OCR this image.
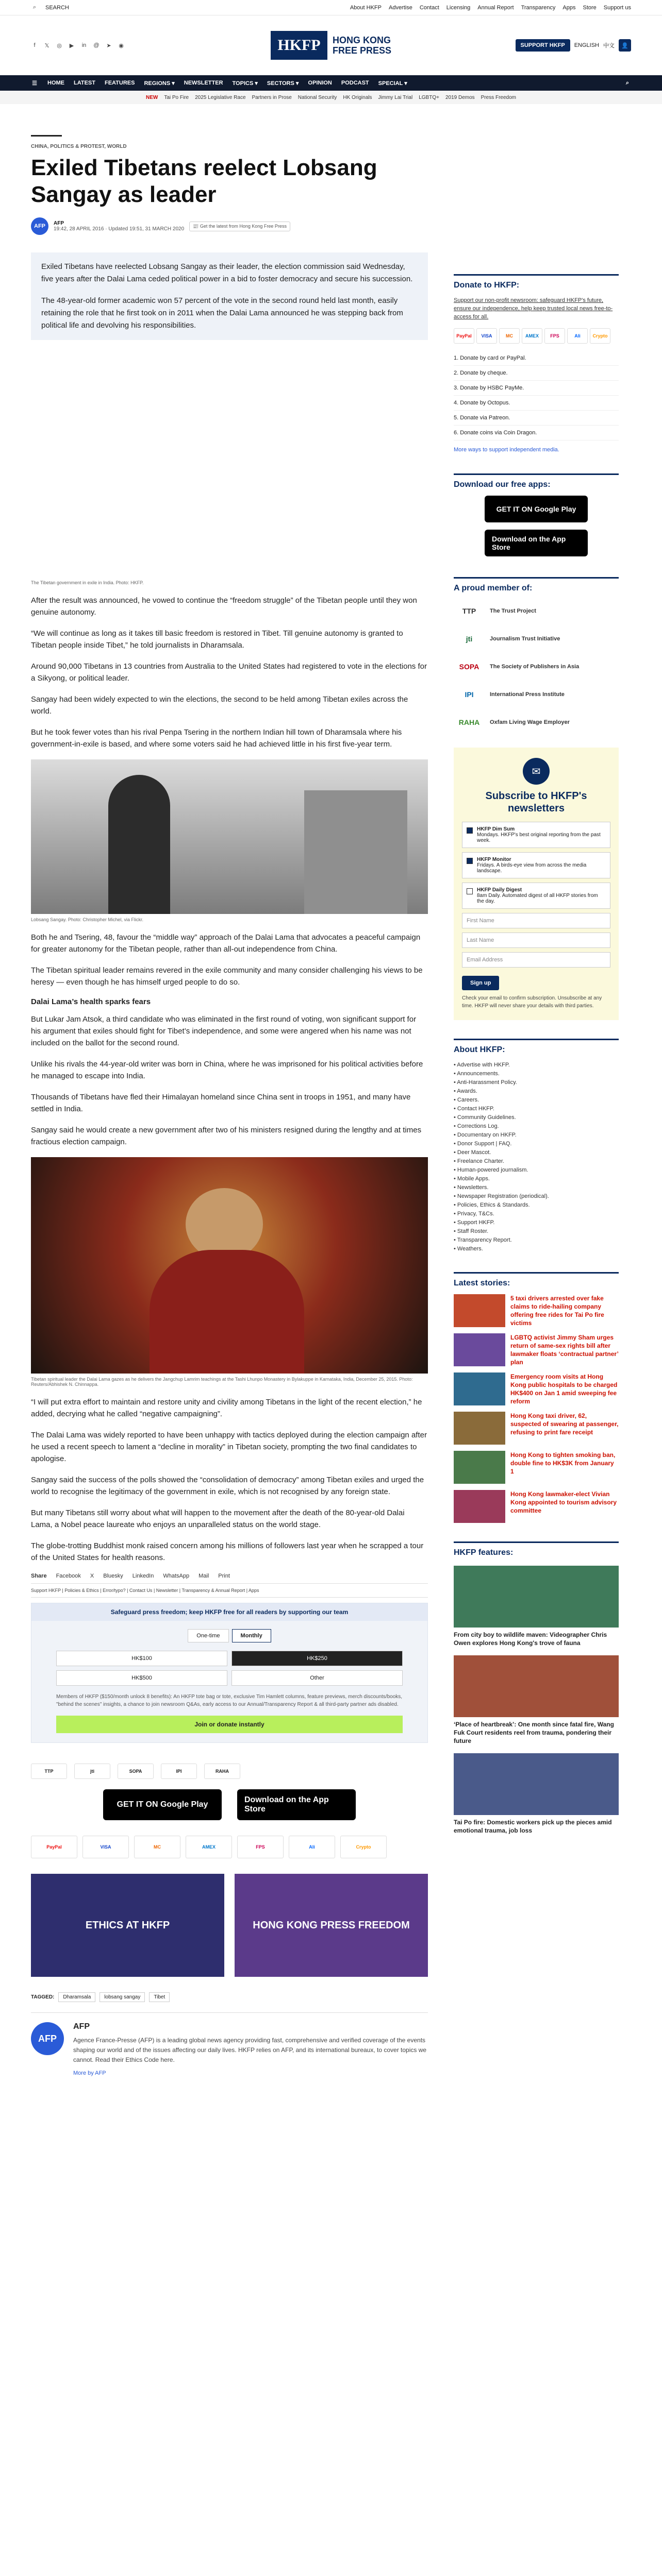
⌕	SEARCH	About HKFP Advertise Contact Licensing Annual Report Transparency Apps Store Support us
f	𝕏 ◎ ▶ in @ ➤ ◉	HKFP	HONG KONG
FREE PRESS	SUPPORT HKFP	ENGLISH 中文	👤
☰ HOME LATEST FEATURES REGIONS ▾ NEWSLETTER TOPICS ▾ SECTORS ▾ OPINION PODCAST SPECIAL ▾	⌕
NEW Tai Po Fire 2025 Legislative Race Partners in Prose National Security HK Originals Jimmy Lai Trial LGBTQ+ 2019 Demos Press Freedom
CHINA, POLITICS & PROTEST, WORLD
Exiled Tibetans reelect Lobsang Sangay as leader
AFP	AFP
19:42, 28 APRIL 2016 · Updated 19:51, 31 MARCH 2020
📰 Get the latest from Hong Kong Free Press

Exiled Tibetans have reelected Lobsang Sangay as their leader, the election commission said Wednesday, five years after the Dalai Lama ceded political power in a bid to foster democracy and secure his succession.

The 48-year-old former academic won 57 percent of the vote in the second round held last month, easily retaining the role that he first took on in 2011 when the Dalai Lama announced he was stepping back from political life and devolving his responsibilities.

The Tibetan government in exile in India. Photo: HKFP.

After the result was announced, he vowed to continue the “freedom struggle” of the Tibetan people until they won genuine autonomy.

“We will continue as long as it takes till basic freedom is restored in Tibet. Till genuine autonomy is granted to Tibetan people inside Tibet,” he told journalists in Dharamsala.

Around 90,000 Tibetans in 13 countries from Australia to the United States had registered to vote in the elections for a Sikyong, or political leader.

Sangay had been widely expected to win the elections, the second to be held among Tibetan exiles across the world.

But he took fewer votes than his rival Penpa Tsering in the northern Indian hill town of Dharamsala where his government-in-exile is based, and where some voters said he had achieved little in his first five-year term.

Lobsang Sangay. Photo: Christopher Michel, via Flickr.

Both he and Tsering, 48, favour the “middle way” approach of the Dalai Lama that advocates a peaceful campaign for greater autonomy for the Tibetan people, rather than all-out independence from China.

The Tibetan spiritual leader remains revered in the exile community and many consider challenging his views to be heresy — even though he has himself urged people to do so.

Dalai Lama’s health sparks fears

But Lukar Jam Atsok, a third candidate who was eliminated in the first round of voting, won significant support for his argument that exiles should fight for Tibet’s independence, and some were angered when his name was not included on the ballot for the second round.

Unlike his rivals the 44-year-old writer was born in China, where he was imprisoned for his political activities before he managed to escape into India.

Thousands of Tibetans have fled their Himalayan homeland since China sent in troops in 1951, and many have settled in India.

Sangay said he would create a new government after two of his ministers resigned during the lengthy and at times fractious election campaign.

Tibetan spiritual leader the Dalai Lama gazes as he delivers the Jangchup Lamrim teachings at the Tashi Lhunpo Monastery in Bylakuppe in Karnataka, India, December 25, 2015. Photo: Reuters/Abhishek N. Chinnappa.

“I will put extra effort to maintain and restore unity and civility among Tibetans in the light of the recent election,” he added, decrying what he called “negative campaigning”.

The Dalai Lama was widely reported to have been unhappy with tactics deployed during the election campaign after he used a recent speech to lament a “decline in morality” in Tibetan society, prompting the two final candidates to apologise.

Sangay said the success of the polls showed the “consolidation of democracy” among Tibetan exiles and urged the world to recognise the legitimacy of the government in exile, which is not recognised by any foreign state.

But many Tibetans still worry about what will happen to the movement after the death of the 80-year-old Dalai Lama, a Nobel peace laureate who enjoys an unparalleled status on the world stage.

The globe-trotting Buddhist monk raised concern among his millions of followers last year when he scrapped a tour of the United States for health reasons.

Share Facebook X Bluesky LinkedIn WhatsApp Mail Print
Support HKFP | Policies & Ethics | Error/typo? | Contact Us | Newsletter | Transparency & Annual Report | Apps
Safeguard press freedom; keep HKFP free for all readers by supporting our team
One-time	Monthly
HK$100	HK$250
HK$500	Other
Members of HKFP ($150/month unlock 8 benefits): An HKFP tote bag or tote, exclusive Tim Hamlett columns, feature previews, merch discounts/books, "behind the scenes" insights, a chance to join newsroom Q&As, early access to our Annual/Transparency Report & all third-party partner ads disabled.
Join or donate instantly
TTP	jti	SOPA	IPI	RAHA
GET IT ON Google Play
Download on the App Store
PayPal	VISA	MC	AMEX	FPS	Ali	Crypto
ETHICS AT HKFP	HONG KONG PRESS FREEDOM
TAGGED:	Dharamsala	lobsang sangay	Tibet
AFP
AFP
Agence France-Presse (AFP) is a leading global news agency providing fast, comprehensive and verified coverage of the events shaping our world and of the issues affecting our daily lives. HKFP relies on AFP, and its international bureaux, to cover topics we cannot. Read their Ethics Code here.
More by AFP
Donate to HKFP:
Support our non-profit newsroom: safeguard HKFP's future, ensure our independence, help keep trusted local news free-to-access for all.
PayPal	VISA	MC	AMEX	FPS	Ali	Crypto
1. Donate by card or PayPal.
2. Donate by cheque.
3. Donate by HSBC PayMe.
4. Donate by Octopus.
5. Donate via Patreon.
6. Donate coins via Coin Dragon.
More ways to support independent media.
Download our free apps:
GET IT ON Google Play
Download on the App Store
A proud member of:
TTP	The Trust Project
jti	Journalism Trust Initiative
SOPA	The Society of Publishers in Asia
IPI	International Press Institute
RAHA	Oxfam Living Wage Employer
✉
Subscribe to HKFP's newsletters
HKFP Dim Sum
Mondays. HKFP's best original reporting from the past week.
HKFP Monitor
Fridays. A birds-eye view from across the media landscape.
HKFP Daily Digest
8am Daily. Automated digest of all HKFP stories from the day.
First Name
Last Name
Email Address
Sign up
Check your email to confirm subscription. Unsubscribe at any time. HKFP will never share your details with third parties.
About HKFP:
• Advertise with HKFP.
• Announcements.
• Anti-Harassment Policy.
• Awards.
• Careers.
• Contact HKFP.
• Community Guidelines.
• Corrections Log.
• Documentary on HKFP.
• Donor Support | FAQ.
• Deer Mascot.
• Freelance Charter.
• Human-powered journalism.
• Mobile Apps.
• Newsletters.
• Newspaper Registration (periodical).
• Policies, Ethics & Standards.
• Privacy, T&Cs.
• Support HKFP.
• Staff Roster.
• Transparency Report.
• Weathers.
Latest stories:
5 taxi drivers arrested over fake claims to ride-hailing company offering free rides for Tai Po fire victims
LGBTQ activist Jimmy Sham urges return of same-sex rights bill after lawmaker floats ‘contractual partner’ plan
Emergency room visits at Hong Kong public hospitals to be charged HK$400 on Jan 1 amid sweeping fee reform
Hong Kong taxi driver, 62, suspected of swearing at passenger, refusing to print fare receipt
Hong Kong to tighten smoking ban, double fine to HK$3K from January 1
Hong Kong lawmaker-elect Vivian Kong appointed to tourism advisory committee
HKFP features:
From city boy to wildlife maven: Videographer Chris Owen explores Hong Kong's trove of fauna
‘Place of heartbreak’: One month since fatal fire, Wang Fuk Court residents reel from trauma, pondering their future
Tai Po fire: Domestic workers pick up the pieces amid emotional trauma, job loss
